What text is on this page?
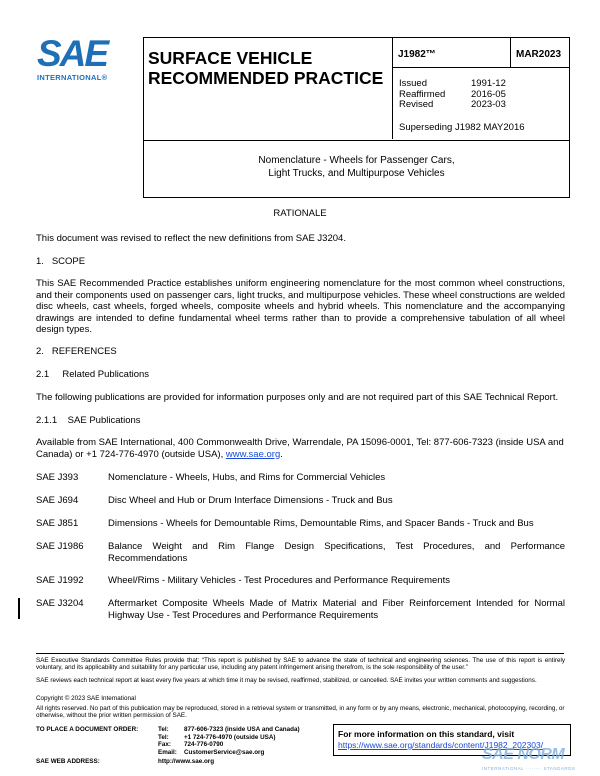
SAE
INTERNATIONAL®
SURFACE VEHICLE
RECOMMENDED PRACTICE
J1982™	MAR2023
Issued	1991-12
Reaffirmed	2016-05
Revised	2023-03
Superseding J1982 MAY2016
Nomenclature - Wheels for Passenger Cars,
Light Trucks, and Multipurpose Vehicles
RATIONALE
This document was revised to reflect the new definitions from SAE J3204.
1.   SCOPE
This SAE Recommended Practice establishes uniform engineering nomenclature for the most common wheel constructions, and their components used on passenger cars, light trucks, and multipurpose vehicles. These wheel constructions are welded disc wheels, cast wheels, forged wheels, composite wheels and hybrid wheels. This nomenclature and the accompanying drawings are intended to define fundamental wheel terms rather than to provide a comprehensive tabulation of all wheel design types.
2.   REFERENCES
2.1     Related Publications
The following publications are provided for information purposes only and are not required part of this SAE Technical Report.
2.1.1    SAE Publications
Available from SAE International, 400 Commonwealth Drive, Warrendale, PA 15096-0001, Tel: 877-606-7323 (inside USA and Canada) or +1 724-776-4970 (outside USA), www.sae.org.
SAE J393	Nomenclature - Wheels, Hubs, and Rims for Commercial Vehicles
SAE J694	Disc Wheel and Hub or Drum Interface Dimensions - Truck and Bus
SAE J851	Dimensions - Wheels for Demountable Rims, Demountable Rims, and Spacer Bands - Truck and Bus
SAE J1986	Balance Weight and Rim Flange Design Specifications, Test Procedures, and Performance Recommendations
SAE J1992	Wheel/Rims - Military Vehicles - Test Procedures and Performance Requirements
SAE J3204	Aftermarket Composite Wheels Made of Matrix Material and Fiber Reinforcement Intended for Normal Highway Use - Test Procedures and Performance Requirements
SAE Executive Standards Committee Rules provide that: “This report is published by SAE to advance the state of technical and engineering sciences. The use of this report is entirely voluntary, and its applicability and suitability for any particular use, including any patent infringement arising therefrom, is the sole responsibility of the user.”
SAE reviews each technical report at least every five years at which time it may be revised, reaffirmed, stabilized, or cancelled. SAE invites your written comments and suggestions.
Copyright © 2023 SAE International
All rights reserved. No part of this publication may be reproduced, stored in a retrieval system or transmitted, in any form or by any means, electronic, mechanical, photocopying, recording, or otherwise, without the prior written permission of SAE.
TO PLACE A DOCUMENT ORDER:	Tel:	877-606-7323 (inside USA and Canada)
Tel:	+1 724-776-4970 (outside USA)
Fax:	724-776-0790
Email:	CustomerService@sae.org
SAE WEB ADDRESS:	http://www.sae.org
For more information on this standard, visit
https://www.sae.org/standards/content/J1982_202303/
SAE NORM
INTERNATIONAL ········ STANDARDS
